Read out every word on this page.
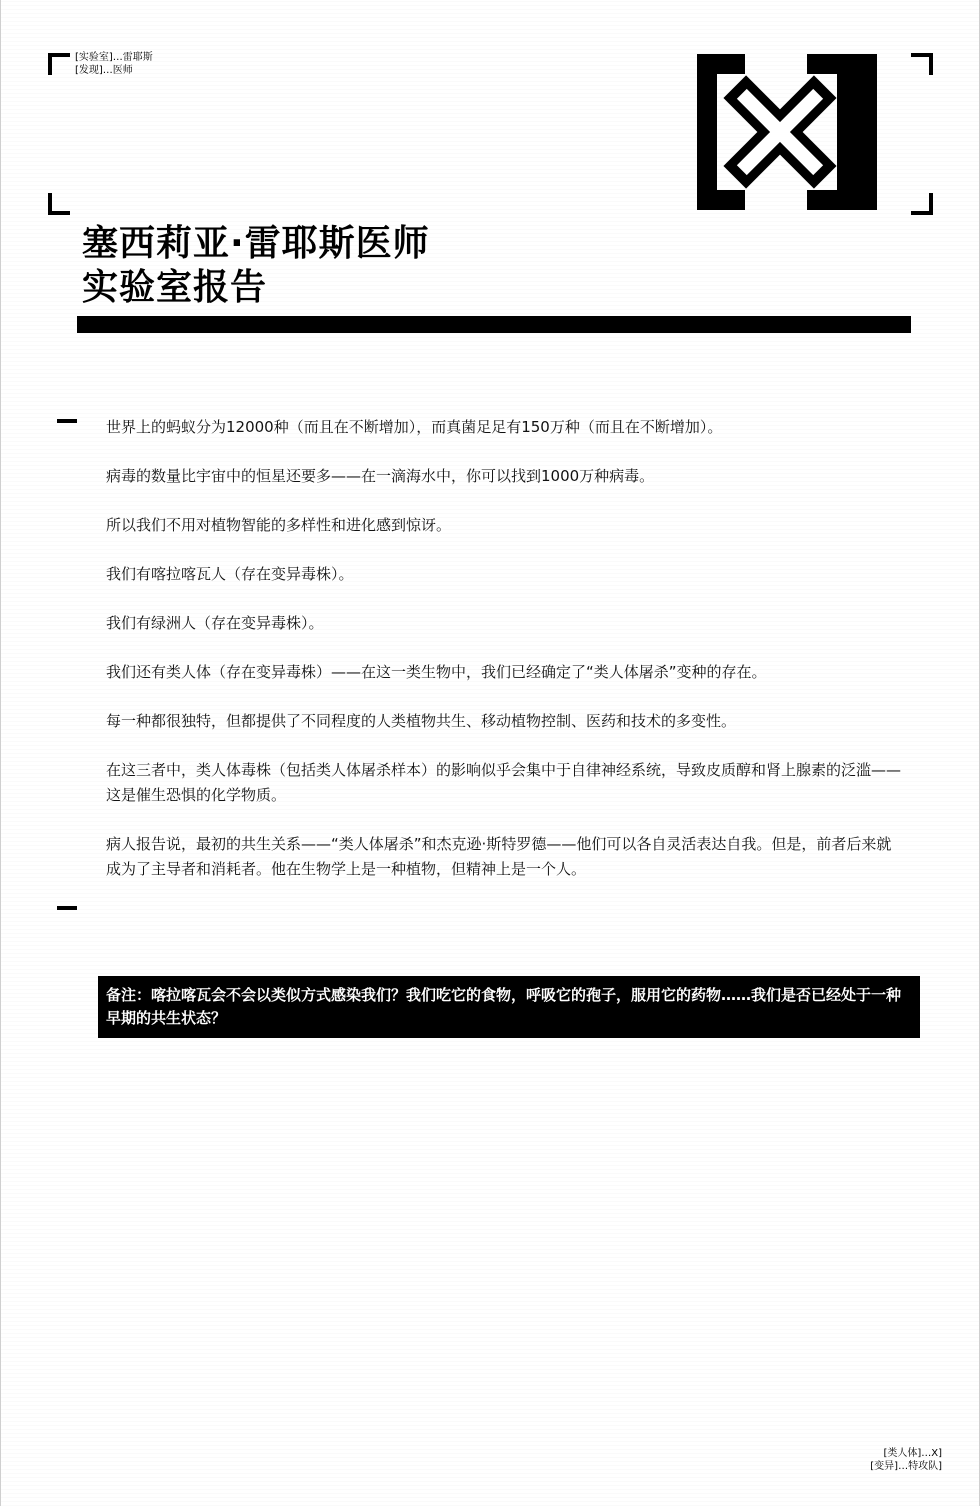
[实验室]…雷耶斯
[发现]…医师
塞西莉亚·雷耶斯医师
实验室报告

世界上的蚂蚁分为12000种（而且在不断增加），而真菌足足有150万种（而且在不断增加）。

病毒的数量比宇宙中的恒星还要多——在一滴海水中，你可以找到1000万种病毒。

所以我们不用对植物智能的多样性和进化感到惊讶。

我们有喀拉喀瓦人（存在变异毒株）。

我们有绿洲人（存在变异毒株）。

我们还有类人体（存在变异毒株）——在这一类生物中，我们已经确定了“类人体屠杀”变种的存在。

每一种都很独特，但都提供了不同程度的人类植物共生、移动植物控制、医药和技术的多变性。

在这三者中，类人体毒株（包括类人体屠杀样本）的影响似乎会集中于自律神经系统，导致皮质醇和肾上腺素的泛滥——这是催生恐惧的化学物质。

病人报告说，最初的共生关系——“类人体屠杀”和杰克逊·斯特罗德——他们可以各自灵活表达自我。但是，前者后来就成为了主导者和消耗者。他在生物学上是一种植物，但精神上是一个人。

备注：喀拉喀瓦会不会以类似方式感染我们？我们吃它的食物，呼吸它的孢子，服用它的药物……我们是否已经处于一种早期的共生状态？
[类人体]…X]
[变异]…特攻队]
